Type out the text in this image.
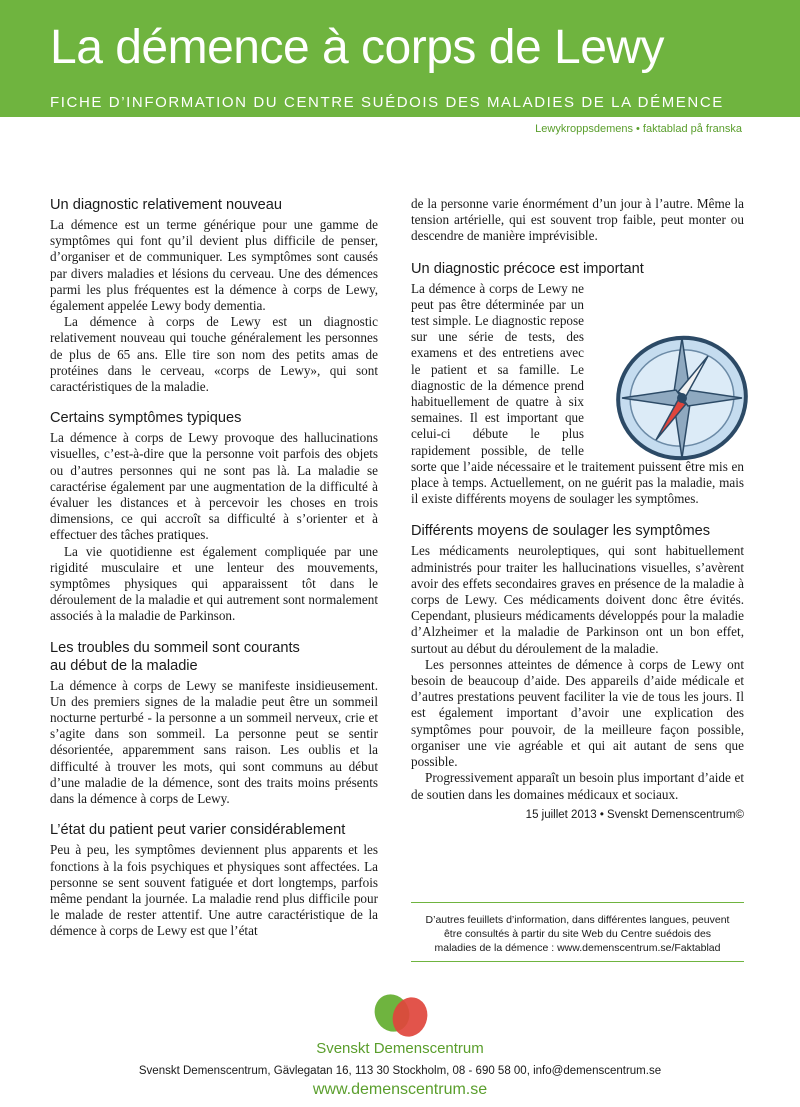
La démence à corps de Lewy
FICHE D’INFORMATION DU CENTRE SUÉDOIS DES MALADIES DE LA DÉMENCE
Lewykroppsdemens • faktablad på franska
Un diagnostic relativement nouveau

La démence est un terme générique pour une gamme de symptômes qui font qu’il devient plus difficile de penser, d’organiser et de communiquer. Les symptômes sont causés par divers maladies et lésions du cerveau. Une des démences parmi les plus fréquentes est la démence à corps de Lewy, également appelée Lewy body dementia.

La démence à corps de Lewy est un diagnostic relativement nouveau qui touche généralement les personnes de plus de 65 ans. Elle tire son nom des petits amas de protéines dans le cerveau, «corps de Lewy», qui sont caractéristiques de la maladie.

Certains symptômes typiques

La démence à corps de Lewy provoque des hallucinations visuelles, c’est-à-dire que la personne voit parfois des objets ou d’autres personnes qui ne sont pas là. La maladie se caractérise également par une augmentation de la difficulté à évaluer les distances et à percevoir les choses en trois dimensions, ce qui accroît sa difficulté à s’orienter et à effectuer des tâches pratiques.

La vie quotidienne est également compliquée par une rigidité musculaire et une lenteur des mouvements, symptômes physiques qui apparaissent tôt dans le déroulement de la maladie et qui autrement sont normalement associés à la maladie de Parkinson.

Les troubles du sommeil sont courants
au début de la maladie

La démence à corps de Lewy se manifeste insidieusement. Un des premiers signes de la maladie peut être un sommeil nocturne perturbé - la personne a un sommeil nerveux, crie et s’agite dans son sommeil. La personne peut se sentir désorientée, apparemment sans raison. Les oublis et la difficulté à trouver les mots, qui sont communs au début d’une maladie de la démence, sont des traits moins présents dans la démence à corps de Lewy.

L’état du patient peut varier considérablement

Peu à peu, les symptômes deviennent plus apparents et les fonctions à la fois psychiques et physiques sont affectées. La personne se sent souvent fatiguée et dort longtemps, parfois même pendant la journée. La maladie rend plus difficile pour le malade de rester attentif. Une autre caractéristique de la démence à corps de Lewy est que l’état

de la personne varie énormément d’un jour à l’autre. Même la tension artérielle, qui est souvent trop faible, peut monter ou descendre de manière imprévisible.

Un diagnostic précoce est important

La démence à corps de Lewy ne peut pas être déterminée par un test simple. Le diagnostic repose sur une série de tests, des examens et des entretiens avec le patient et sa famille. Le diagnostic de la démence prend habituellement de quatre à six semaines. Il est important que celui-ci débute le plus rapidement possible, de telle sorte que l’aide nécessaire et le traitement puissent être mis en place à temps. Actuellement, on ne guérit pas la maladie, mais il existe différents moyens de soulager les symptômes.

Différents moyens de soulager les symptômes

Les médicaments neuroleptiques, qui sont habituellement administrés pour traiter les hallucinations visuelles, s’avèrent avoir des effets secondaires graves en présence de la maladie à corps de Lewy. Ces médicaments doivent donc être évités. Cependant, plusieurs médicaments développés pour la maladie d’Alzheimer et la maladie de Parkinson ont un bon effet, surtout au début du déroulement de la maladie.

Les personnes atteintes de démence à corps de Lewy ont besoin de beaucoup d’aide. Des appareils d’aide médicale et d’autres prestations peuvent faciliter la vie de tous les jours. Il est également important d’avoir une explication des symptômes pour pouvoir, de la meilleure façon possible, organiser une vie agréable et qui ait autant de sens que possible.

Progressivement apparaît un besoin plus important d’aide et de soutien dans les domaines médicaux et sociaux.

15 juillet 2013 • Svenskt Demenscentrum©
D’autres feuillets d’information, dans différentes langues, peuvent
être consultés à partir du site Web du Centre suédois des
maladies de la démence : www.demenscentrum.se/Faktablad
Svenskt Demenscentrum
Svenskt Demenscentrum, Gävlegatan 16, 113 30 Stockholm, 08 - 690 58 00, info@demenscentrum.se
www.demenscentrum.se
